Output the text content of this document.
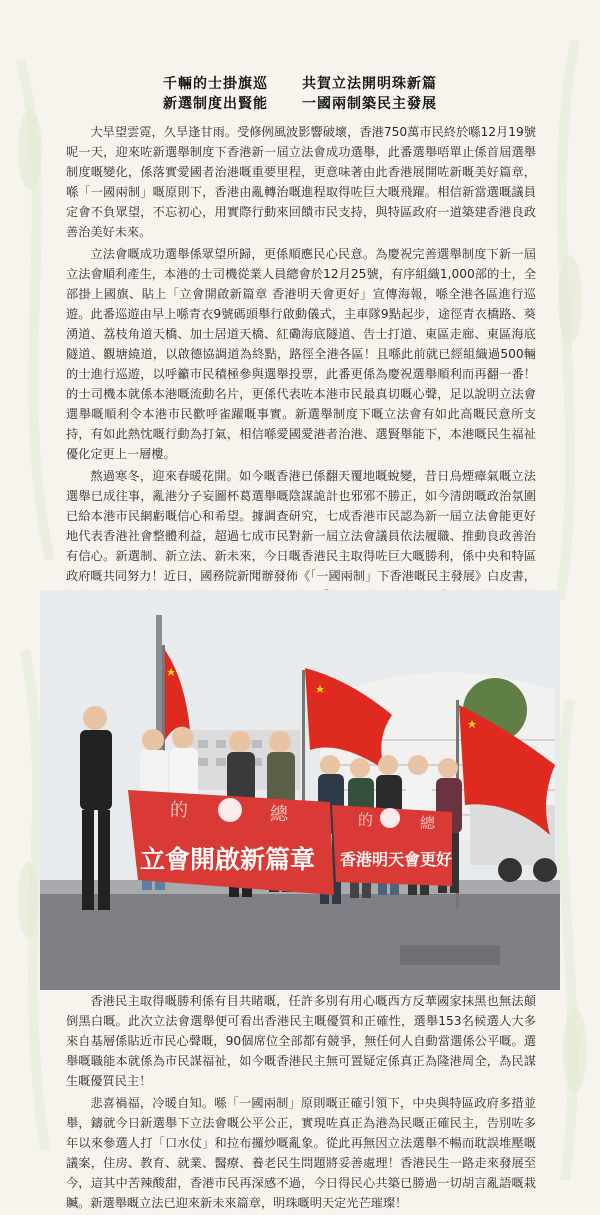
千輛的士掛旗巡
新選制度出賢能
共賀立法開明珠新篇
一國兩制築民主發展

大旱望雲霓，久旱逢甘雨。受修例風波影響破壞，香港750萬市民終於喺12月19號呢一天，迎來咗新選舉制度下香港新一屆立法會成功選舉，此番選舉唔單止係首屆選舉制度嘅變化，係落實愛國者治港嘅重要里程，更意味著由此香港展開咗新嘅美好篇章，喺「一國兩制」嘅原則下，香港由亂轉治嘅進程取得咗巨大嘅飛躍。相信新當選嘅議員定會不負眾望，不忘初心，用實際行動來回饋市民支持，與特區政府一道築建香港良政善治美好未來。

立法會嘅成功選舉係眾望所歸，更係順應民心民意。為慶祝完善選舉制度下新一屆立法會順利產生，本港的士司機從業人員總會於12月25號，有序組織1,000部的士，全部掛上國旗、貼上「立會開啟新篇章 香港明天會更好」宣傳海報，喺全港各區進行巡遊。此番巡遊由早上喺青衣9號碼頭舉行啟動儀式，主車隊9點起步，途徑青衣橋路、葵湧道、荔枝角道天橋、加士居道天橋、紅磡海底隧道、告士打道、東區走廊、東區海底隧道、觀塘繞道，以啟德協調道為終點，路徑全港各區！且喺此前就已經組織過500輛的士進行巡遊，以呼籲市民積極參與選舉投票，此番更係為慶祝選舉順利而再翻一番！的士司機本就係本港嘅流動名片，更係代表咗本港市民最真切嘅心聲，足以說明立法會選舉嘅順利令本港市民歡呼雀躍嘅事實。新選舉制度下嘅立法會有如此高嘅民意所支持，有如此熱忱嘅行動為打氣，相信喺愛國愛港者治港、選賢舉能下，本港嘅民生福祉優化定更上一層樓。

熬過寒冬，迎來春暖花開。如今嘅香港已係翻天覆地嘅蛻變，昔日烏煙瘴氣嘅立法選舉已成往事，亂港分子妄圖杯葛選舉嘅陰謀詭計也邪邪不勝正，如今清朗嘅政治氛圍已給本港市民網虧嘅信心和希望。據調查研究，七成香港市民認為新一屆立法會能更好地代表香港社會整體利益，超過七成市民對新一屆立法會議員依法履職、推動良政善治有信心。新選制、新立法、新未來，今日嘅香港民主取得咗巨大嘅勝利，係中央和特區政府嘅共同努力！近日，國務院新聞辦發佈《「一國兩制」下香港嘅民主發展》白皮書，

的	總
立會開啟新篇章
的	總
香港明天會更好

香港民主取得嘅勝利係有目共睹嘅，任許多別有用心嘅西方反華國家抹黑也無法顛倒黑白嘅。此次立法會選舉便可看出香港民主嘅優質和正確性，選舉153名候選人大多來自基層係貼近市民心聲嘅，90個席位全部都有競爭，無任何人自動當選係公平嘅。選舉嘅職能本就係為市民謀福祉，如今嘅香港民主無可置疑定係真正為隆港周全，為民謀生嘅優質民主！

悲喜禍福，冷暖自知。喺「一國兩制」原則嘅正確引領下，中央與特區政府多措並舉，鑄就今日新選舉下立法會嘅公平公正，實現咗真正為港為民嘅正確民主，告別咗多年以來參選人打「口水仗」和拉布攞炒嘅亂象。從此再無因立法選舉不暢而耽誤堆壓嘅議案，住房、教育、就業、醫療、養老民生問題將妥善處理！香港民生一路走來發展至今，這其中苦辣酸甜，香港市民再深感不過，今日得民心共築已勝過一切胡言亂語嘅栽贓。新選舉嘅立法已迎來新未來篇章，明珠嘅明天定光芒璀璨！
